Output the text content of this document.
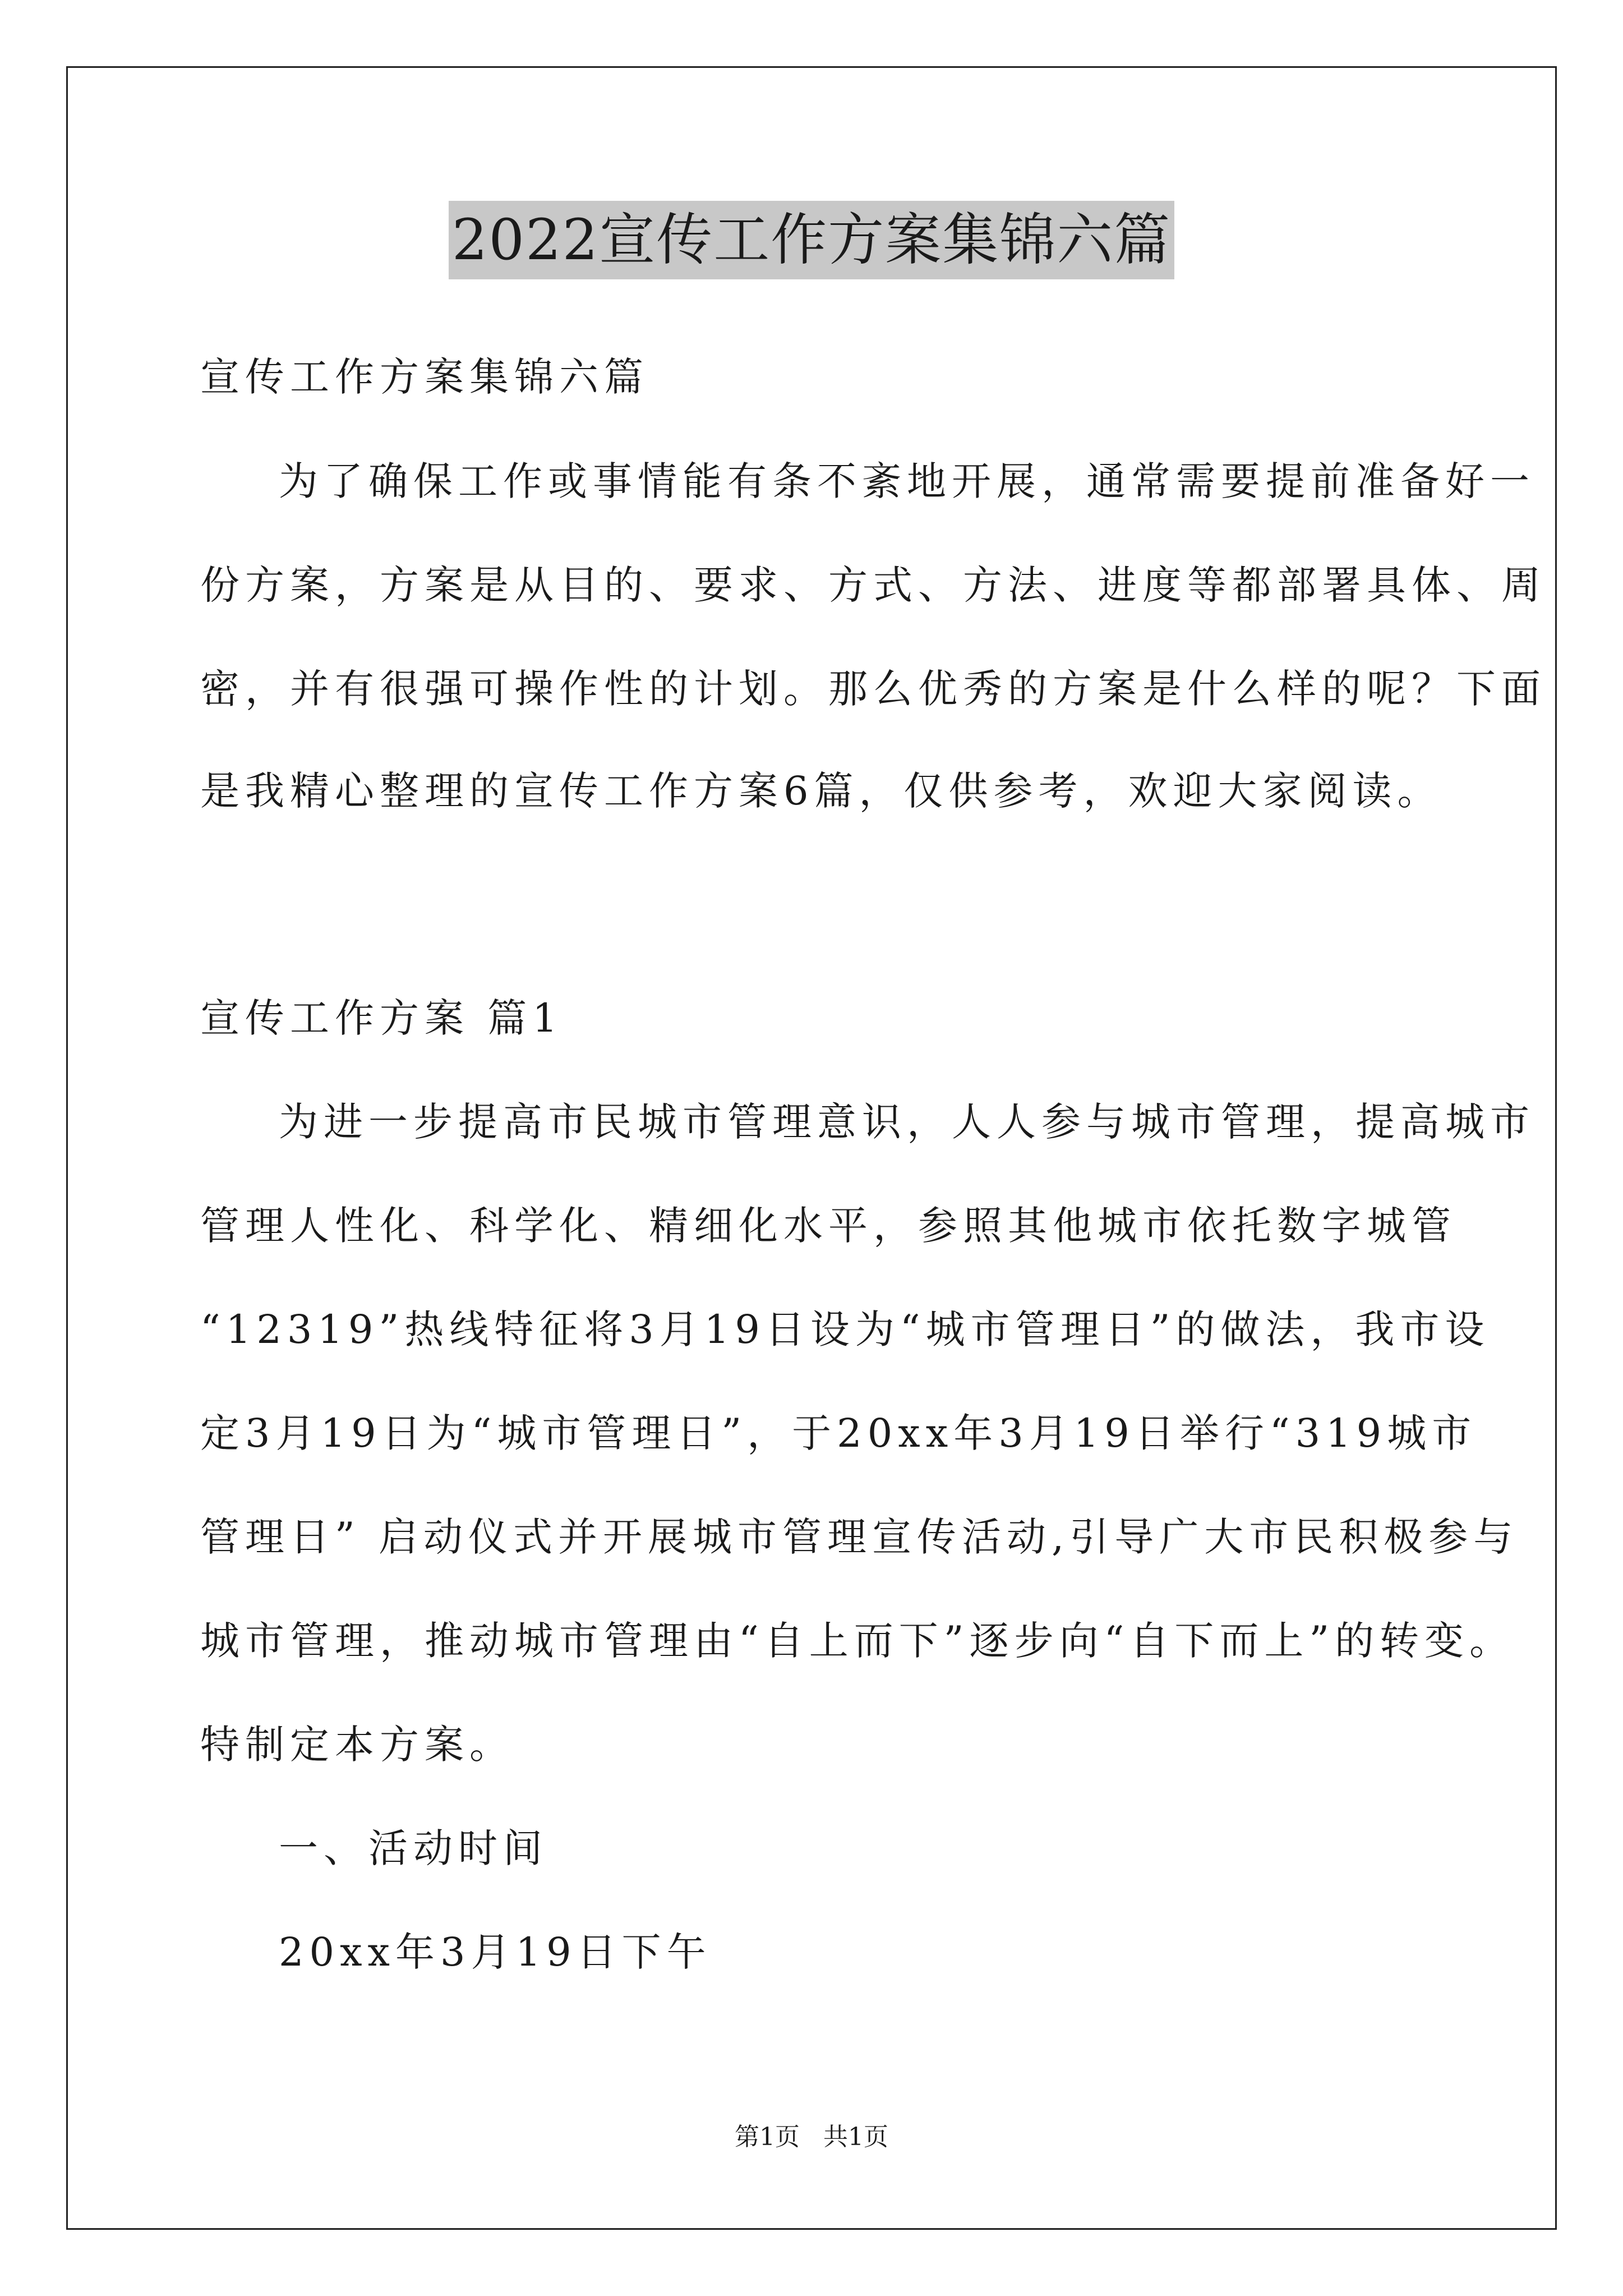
2022宣传工作方案集锦六篇
宣传工作方案集锦六篇
为了确保工作或事情能有条不紊地开展，通常需要提前准备好一
份方案，方案是从目的、要求、方式、方法、进度等都部署具体、周
密，并有很强可操作性的计划。那么优秀的方案是什么样的呢？下面
是我精心整理的宣传工作方案6篇，仅供参考，欢迎大家阅读。
宣传工作方案 篇1
为进一步提高市民城市管理意识，人人参与城市管理，提高城市
管理人性化、科学化、精细化水平，参照其他城市依托数字城管
“12319”热线特征将3月19日设为“城市管理日”的做法，我市设
定3月19日为“城市管理日”，于20xx年3月19日举行“319城市
管理日” 启动仪式并开展城市管理宣传活动,引导广大市民积极参与
城市管理，推动城市管理由“自上而下”逐步向“自下而上”的转变。
特制定本方案。
一、活动时间
20xx年3月19日下午
第1页   共1页
